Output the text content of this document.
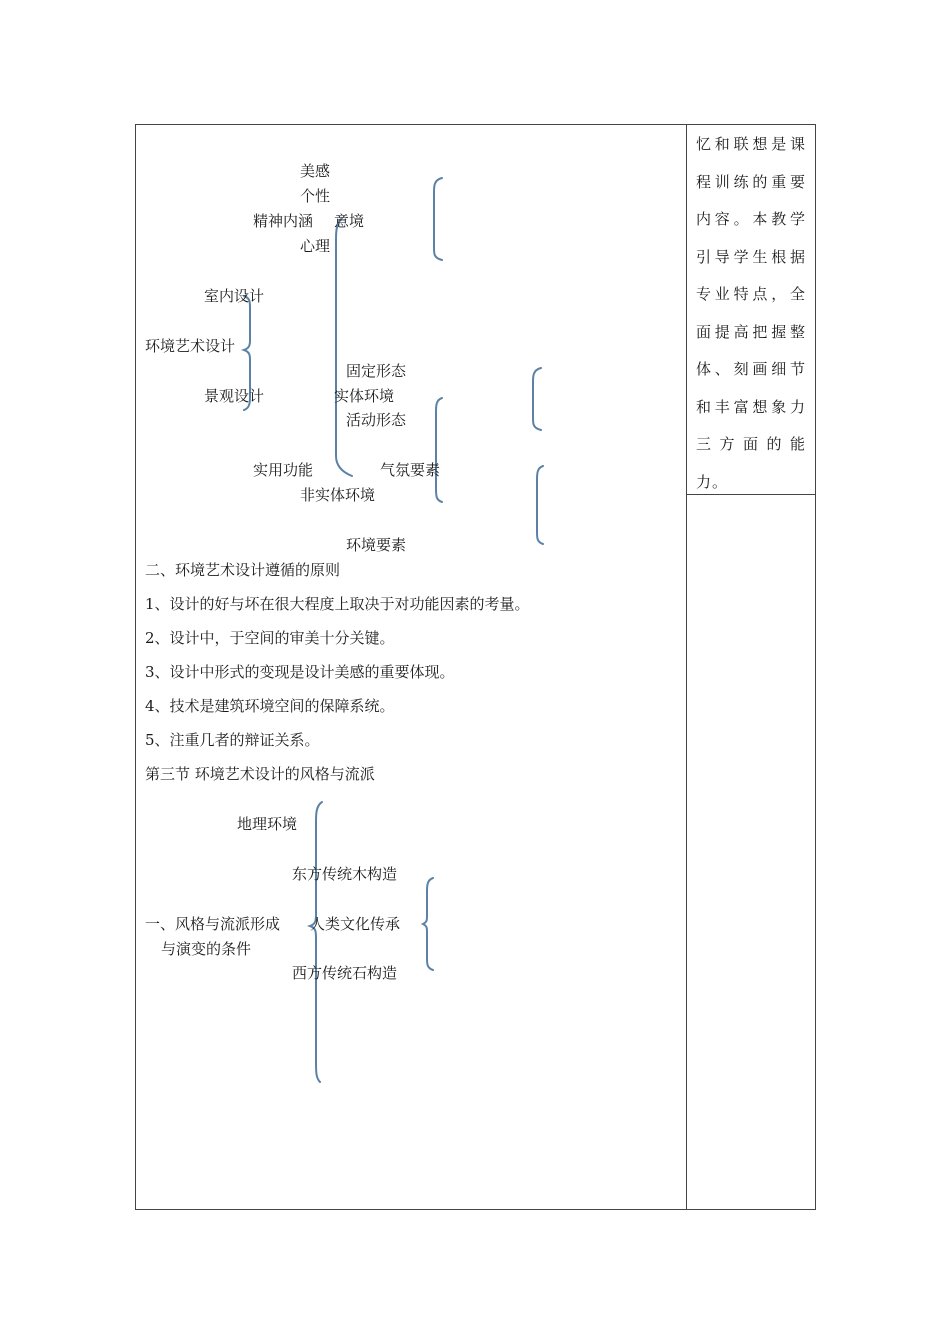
美感
个性
精神内涵 意境
心理
室内设计
环境艺术设计
固定形态
景观设计	实体环境
活动形态
实用功能	气氛要素
非实体环境
环境要素
二、环境艺术设计遵循的原则
1、设计的好与坏在很大程度上取决于对功能因素的考量。
2、设计中，于空间的审美十分关键。
3、设计中形式的变现是设计美感的重要体现。
4、技术是建筑环境空间的保障系统。
5、注重几者的辩证关系。
第三节 环境艺术设计的风格与流派
地理环境
东方传统木构造
一、风格与流派形成 人类文化传承
与演变的条件
西方传统石构造
忆和联想是课程训练的重要内容。本教学引导学生根据专业特点，全面提高把握整体、刻画细节和丰富想象力三方面的能力。
